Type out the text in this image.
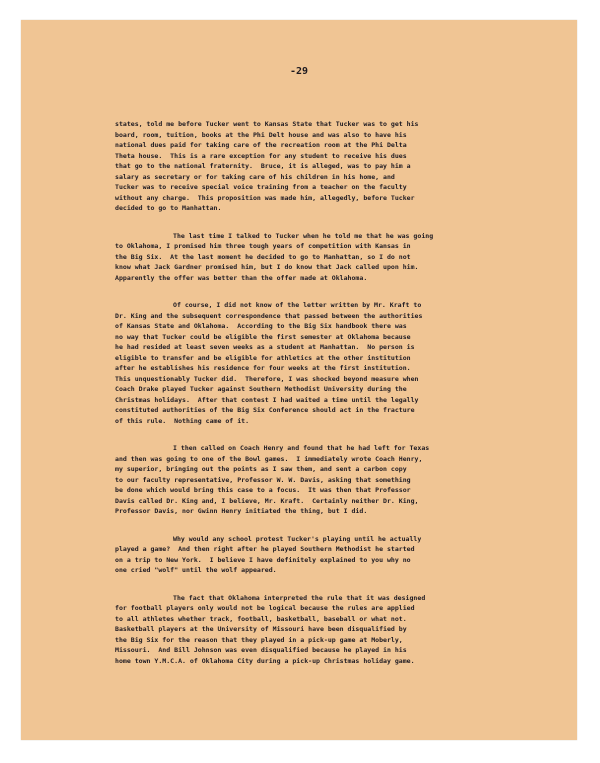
-29
states, told me before Tucker went to Kansas State that Tucker was to get his
board, room, tuition, books at the Phi Delt house and was also to have his
national dues paid for taking care of the recreation room at the Phi Delta
Theta house.  This is a rare exception for any student to receive his dues
that go to the national fraternity.  Bruce, it is alleged, was to pay him a
salary as secretary or for taking care of his children in his home, and
Tucker was to receive special voice training from a teacher on the faculty
without any charge.  This proposition was made him, allegedly, before Tucker
decided to go to Manhattan.
The last time I talked to Tucker when he told me that he was going
to Oklahoma, I promised him three tough years of competition with Kansas in
the Big Six.  At the last moment he decided to go to Manhattan, so I do not
know what Jack Gardner promised him, but I do know that Jack called upon him.
Apparently the offer was better than the offer made at Oklahoma.
Of course, I did not know of the letter written by Mr. Kraft to
Dr. King and the subsequent correspondence that passed between the authorities
of Kansas State and Oklahoma.  According to the Big Six handbook there was
no way that Tucker could be eligible the first semester at Oklahoma because
he had resided at least seven weeks as a student at Manhattan.  No person is
eligible to transfer and be eligible for athletics at the other institution
after he establishes his residence for four weeks at the first institution.
This unquestionably Tucker did.  Therefore, I was shocked beyond measure when
Coach Drake played Tucker against Southern Methodist University during the
Christmas holidays.  After that contest I had waited a time until the legally
constituted authorities of the Big Six Conference should act in the fracture
of this rule.  Nothing came of it.
I then called on Coach Henry and found that he had left for Texas
and then was going to one of the Bowl games.  I immediately wrote Coach Henry,
my superior, bringing out the points as I saw them, and sent a carbon copy
to our faculty representative, Professor W. W. Davis, asking that something
be done which would bring this case to a focus.  It was then that Professor
Davis called Dr. King and, I believe, Mr. Kraft.  Certainly neither Dr. King,
Professor Davis, nor Gwinn Henry initiated the thing, but I did.
Why would any school protest Tucker's playing until he actually
played a game?  And then right after he played Southern Methodist he started
on a trip to New York.  I believe I have definitely explained to you why no
one cried "wolf" until the wolf appeared.
The fact that Oklahoma interpreted the rule that it was designed
for football players only would not be logical because the rules are applied
to all athletes whether track, football, basketball, baseball or what not.
Basketball players at the University of Missouri have been disqualified by
the Big Six for the reason that they played in a pick-up game at Moberly,
Missouri.  And Bill Johnson was even disqualified because he played in his
home town Y.M.C.A. of Oklahoma City during a pick-up Christmas holiday game.
